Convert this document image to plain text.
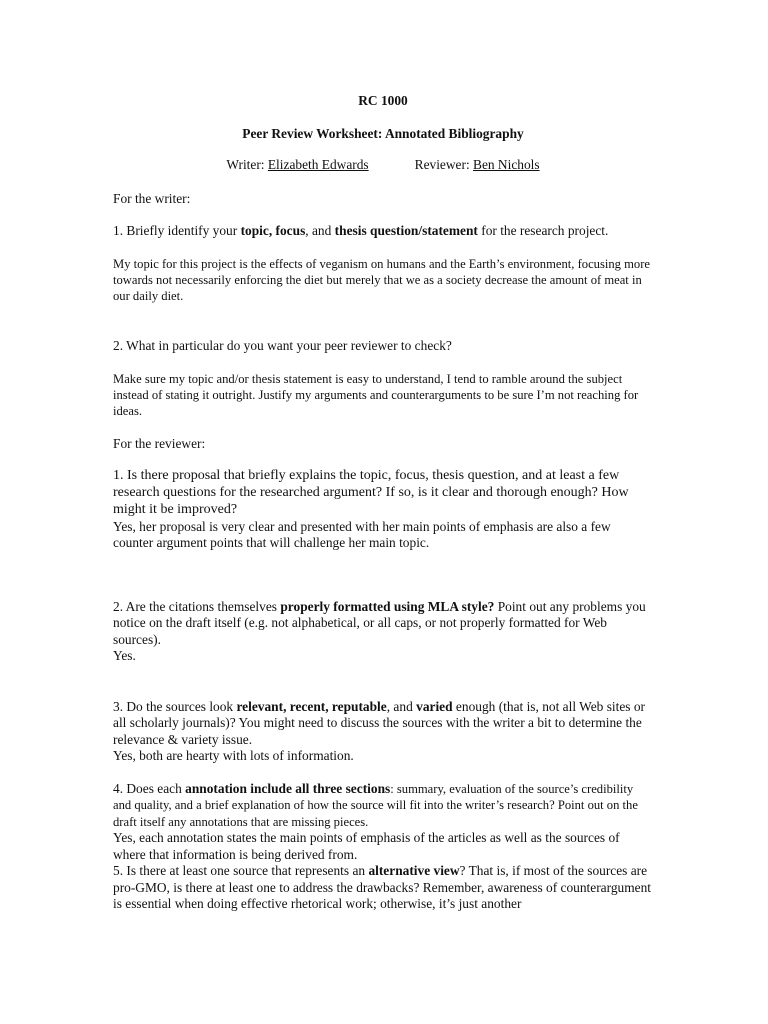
RC 1000
Peer Review Worksheet: Annotated Bibliography
Writer: Elizabeth Edwards	Reviewer: Ben Nichols

For the writer:

1. Briefly identify your topic, focus, and thesis question/statement for the research project.

My topic for this project is the effects of veganism on humans and the Earth’s environment, focusing more towards not necessarily enforcing the diet but merely that we as a society decrease the amount of meat in our daily diet.

2. What in particular do you want your peer reviewer to check?

Make sure my topic and/or thesis statement is easy to understand, I tend to ramble around the subject instead of stating it outright. Justify my arguments and counterarguments to be sure I’m not reaching for ideas.

For the reviewer:

1. Is there proposal that briefly explains the topic, focus, thesis question, and at least a few research questions for the researched argument? If so, is it clear and thorough enough? How might it be improved?

Yes, her proposal is very clear and presented with her main points of emphasis are also a few counter argument points that will challenge her main topic.

2. Are the citations themselves properly formatted using MLA style? Point out any problems you notice on the draft itself (e.g. not alphabetical, or all caps, or not properly formatted for Web sources).

Yes.

3. Do the sources look relevant, recent, reputable, and varied enough (that is, not all Web sites or all scholarly journals)? You might need to discuss the sources with the writer a bit to determine the relevance & variety issue.

Yes, both are hearty with lots of information.

4. Does each annotation include all three sections: summary, evaluation of the source’s credibility and quality, and a brief explanation of how the source will fit into the writer’s research? Point out on the draft itself any annotations that are missing pieces.

Yes, each annotation states the main points of emphasis of the articles as well as the sources of where that information is being derived from.

5. Is there at least one source that represents an alternative view? That is, if most of the sources are pro-GMO, is there at least one to address the drawbacks? Remember, awareness of counterargument is essential when doing effective rhetorical work; otherwise, it’s just another
